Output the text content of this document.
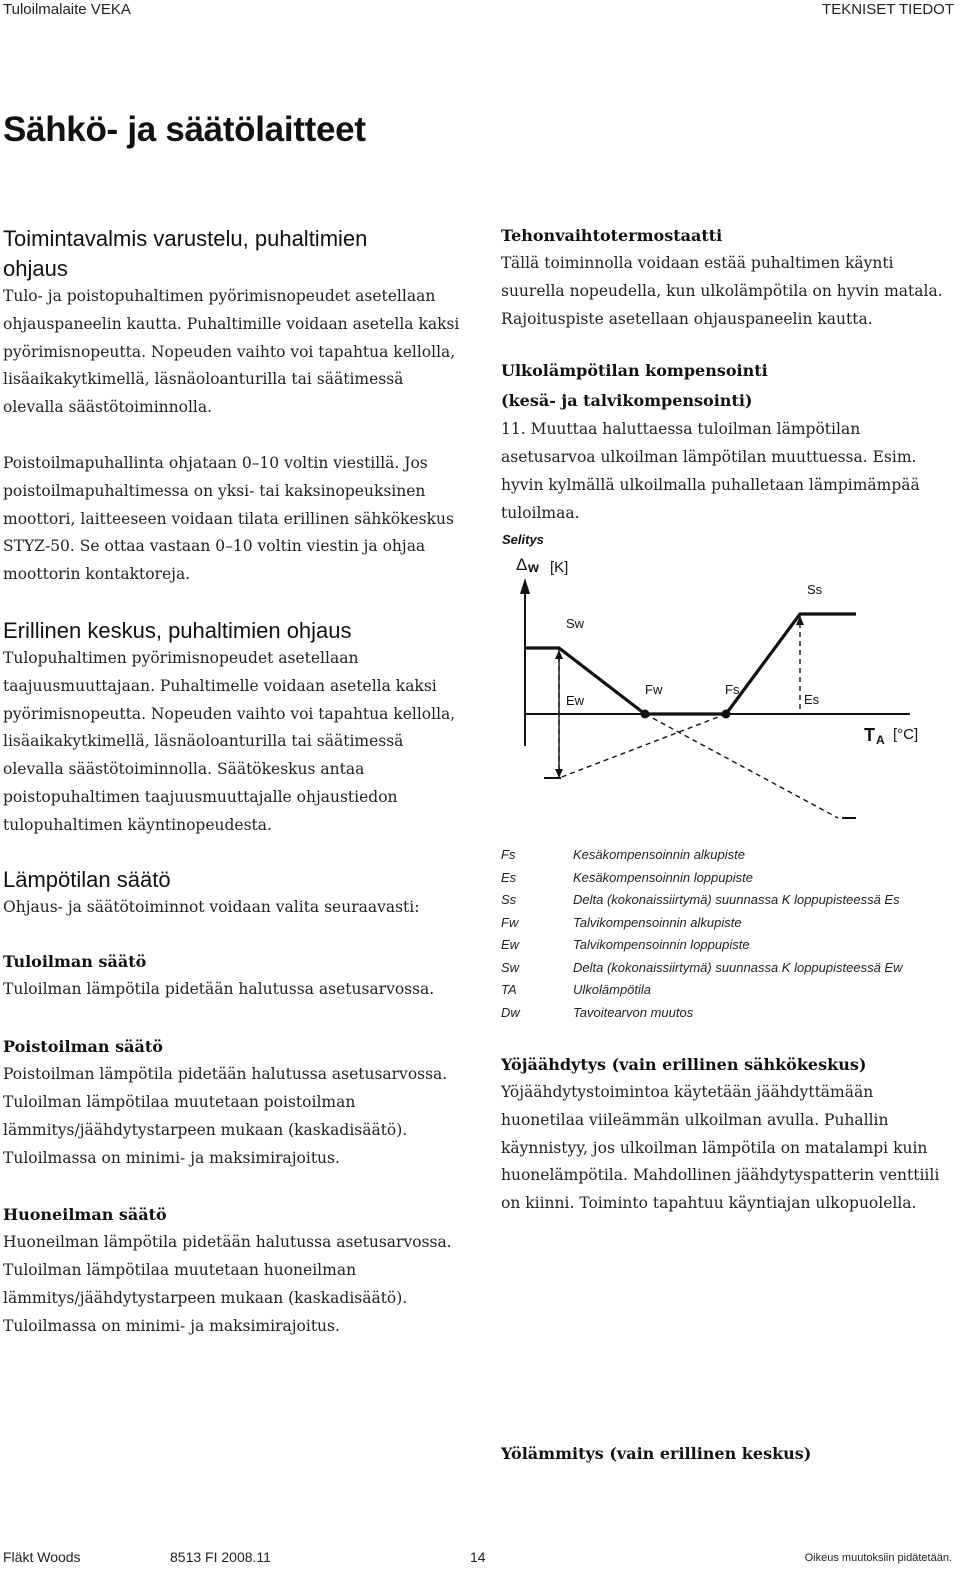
Tuloilmalaite VEKA	TEKNISET TIEDOT
Sähkö- ja säätölaitteet
Toimintavalmis varustelu, puhaltimien
ohjaus

Tulo- ja poistopuhaltimen pyörimisnopeudet asetellaan ohjauspaneelin kautta. Puhaltimille voidaan asetella kaksi pyörimisnopeutta. Nopeuden vaihto voi tapahtua kellolla, lisäaikakytkimellä, läsnäoloanturilla tai säätimessä olevalla säästötoiminnolla.

Poistoilmapuhallinta ohjataan 0–10 voltin viestillä. Jos poistoilmapuhaltimessa on yksi- tai kaksinopeuksinen moottori, laitteeseen voidaan tilata erillinen sähkökeskus STYZ-50. Se ottaa vastaan 0–10 voltin viestin ja ohjaa moottorin kontaktoreja.

Erillinen keskus, puhaltimien ohjaus

Tulopuhaltimen pyörimisnopeudet asetellaan taajuusmuuttajaan. Puhaltimelle voidaan asetella kaksi pyörimisnopeutta. Nopeuden vaihto voi tapahtua kellolla, lisäaikakytkimellä, läsnäoloanturilla tai säätimessä olevalla säästötoiminnolla. Säätökeskus antaa poistopuhaltimen taajuusmuuttajalle ohjaustiedon tulopuhaltimen käyntinopeudesta.

Lämpötilan säätö

Ohjaus- ja säätötoiminnot voidaan valita seuraavasti:

Tuloilman säätö

Tuloilman lämpötila pidetään halutussa asetusarvossa.

Poistoilman säätö

Poistoilman lämpötila pidetään halutussa asetusarvossa. Tuloilman lämpötilaa muutetaan poistoilman lämmitys/jäähdytystarpeen mukaan (kaskadisäätö). Tuloilmassa on minimi- ja maksimirajoitus.

Huoneilman säätö

Huoneilman lämpötila pidetään halutussa asetusarvossa. Tuloilman lämpötilaa muutetaan huoneilman lämmitys/jäähdytystarpeen mukaan (kaskadisäätö). Tuloilmassa on minimi- ja maksimirajoitus.

Tehonvaihtotermostaatti

Tällä toiminnolla voidaan estää puhaltimen käynti suurella nopeudella, kun ulkolämpötila on hyvin matala. Rajoituspiste asetellaan ohjauspaneelin kautta.

Ulkolämpötilan kompensointi
(kesä- ja talvikompensointi)

11. Muuttaa haluttaessa tuloilman lämpötilan asetusarvoa ulkoilman lämpötilan muuttuessa. Esim. hyvin kylmällä ulkoilmalla puhalletaan lämpimämpää tuloilmaa.

Selitys
Δ w [K]
T A [°C]
Ss
Sw
Ew
Fw	Fs
Es
Fs	Kesäkompensoinnin alkupiste
Es	Kesäkompensoinnin loppupiste
Ss	Delta (kokonaissiirtymä) suunnassa K loppupisteessä Es
Fw	Talvikompensoinnin alkupiste
Ew	Talvikompensoinnin loppupiste
Sw	Delta (kokonaissiirtymä) suunnassa K loppupisteessä Ew
TA	Ulkolämpötila
Dw	Tavoitearvon muutos
Yöjäähdytys (vain erillinen sähkökeskus)

Yöjäähdytystoimintoa käytetään jäähdyttämään huonetilaa viileämmän ulkoilman avulla. Puhallin käynnistyy, jos ulkoilman lämpötila on matalampi kuin huonelämpötila. Mahdollinen jäähdytyspatterin venttiili on kiinni. Toiminto tapahtuu käyntiajan ulkopuolella.

Yölämmitys (vain erillinen keskus)
Fläkt Woods	8513 FI 2008.11	14	Oikeus muutoksiin pidätetään.
